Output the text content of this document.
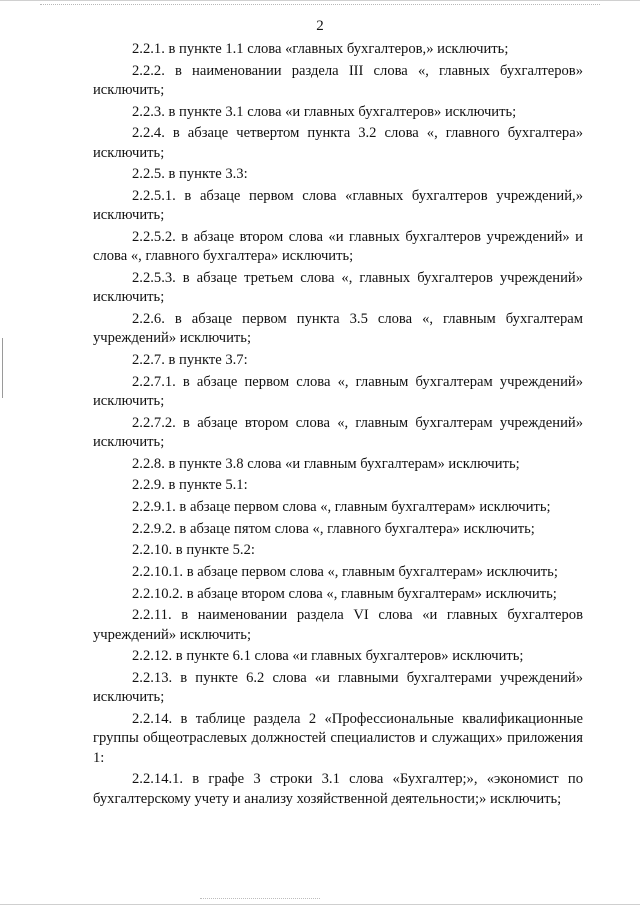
2

2.2.1. в пункте 1.1 слова «главных бухгалтеров,» исключить;

2.2.2. в наименовании раздела III слова «, главных бухгалтеров» исключить;

2.2.3. в пункте 3.1 слова «и главных бухгалтеров» исключить;

2.2.4. в абзаце четвертом пункта 3.2 слова «, главного бухгалтера» исключить;

2.2.5. в пункте 3.3:

2.2.5.1. в абзаце первом слова «главных бухгалтеров учреждений,» исключить;

2.2.5.2. в абзаце втором слова «и главных бухгалтеров учреждений» и слова «, главного бухгалтера» исключить;

2.2.5.3. в абзаце третьем слова «, главных бухгалтеров учреждений» исключить;

2.2.6. в абзаце первом пункта 3.5 слова «, главным бухгалтерам учреждений» исключить;

2.2.7. в пункте 3.7:

2.2.7.1. в абзаце первом слова «, главным бухгалтерам учреждений» исключить;

2.2.7.2. в абзаце втором слова «, главным бухгалтерам учреждений» исключить;

2.2.8. в пункте 3.8 слова «и главным бухгалтерам» исключить;

2.2.9. в пункте 5.1:

2.2.9.1. в абзаце первом слова «, главным бухгалтерам» исключить;

2.2.9.2. в абзаце пятом слова «, главного бухгалтера» исключить;

2.2.10. в пункте 5.2:

2.2.10.1. в абзаце первом слова «, главным бухгалтерам» исключить;

2.2.10.2. в абзаце втором слова «, главным бухгалтерам» исключить;

2.2.11. в наименовании раздела VI слова «и главных бухгалтеров учреждений» исключить;

2.2.12. в пункте 6.1 слова «и главных бухгалтеров» исключить;

2.2.13. в пункте 6.2 слова «и главными бухгалтерами учреждений» исключить;

2.2.14. в таблице раздела 2 «Профессиональные квалификационные группы общеотраслевых должностей специалистов и служащих» приложения 1:

2.2.14.1. в графе 3 строки 3.1 слова «Бухгалтер;», «экономист по бухгалтерскому учету и анализу хозяйственной деятельности;» исключить;
